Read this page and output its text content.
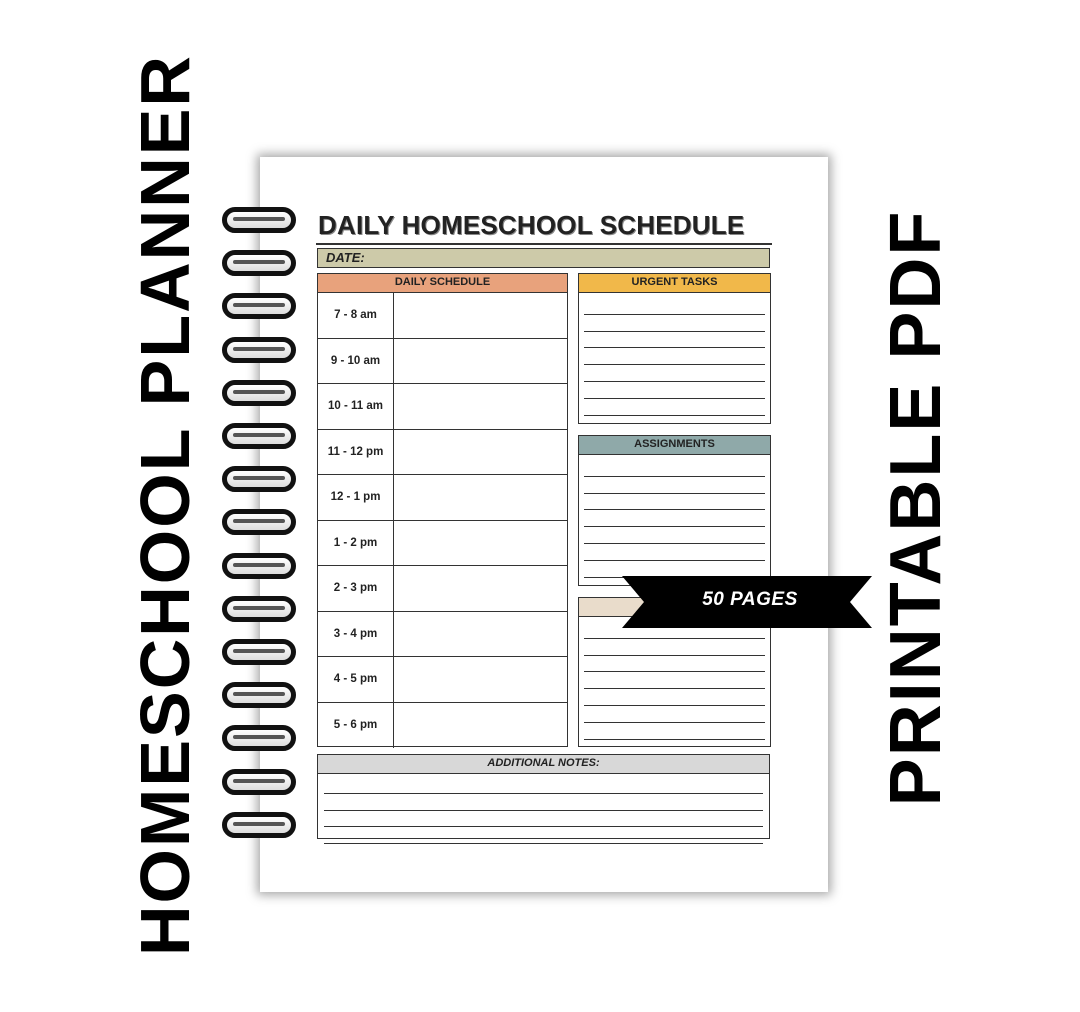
HOMESCHOOL PLANNER	PRINTABLE PDF
DAILY HOMESCHOOL SCHEDULE
DATE:
DAILY SCHEDULE
7 - 8 am
9 - 10 am
10 - 11 am
11 - 12 pm
12 - 1 pm
1 - 2 pm
2 - 3 pm
3 - 4 pm
4 - 5 pm
5 - 6 pm
URGENT TASKS
ASSIGNMENTS
ADDITIONAL NOTES:
50 PAGES
